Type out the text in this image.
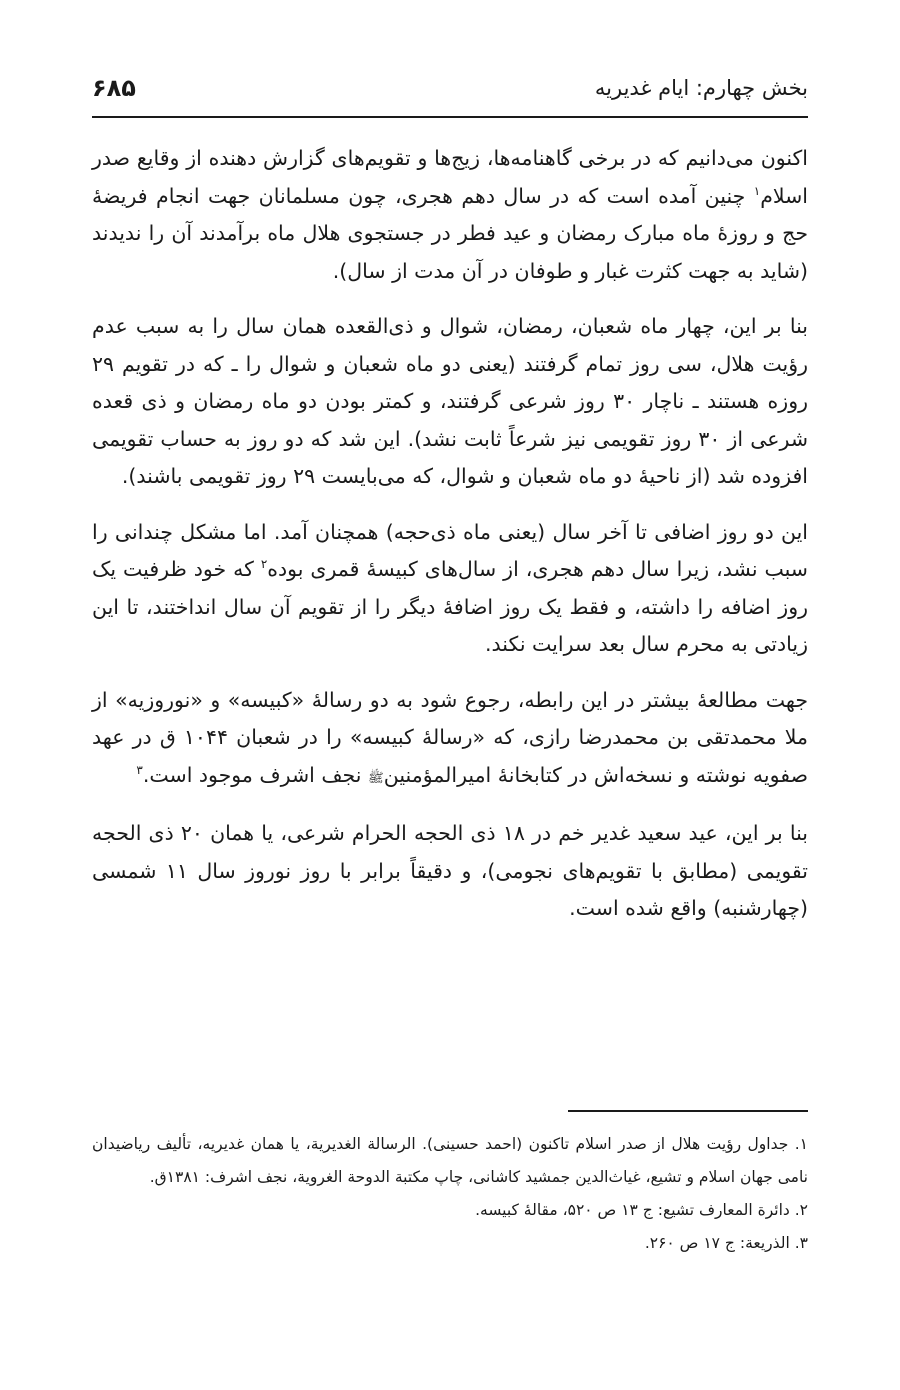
بخش چهارم: ایام غدیریه
۶۸۵
اکنون می‌دانیم که در برخی گاهنامه‌ها، زیج‌ها و تقویم‌های گزارش دهنده از وقایع صدر اسلام$^۱$ چنین آمده است که در سال دهم هجری، چون مسلمانان جهت انجام فریضهٔ حج و روزهٔ ماه مبارک رمضان و عید فطر در جستجوی هلال ماه برآمدند آن را ندیدند (شاید به جهت کثرت غبار و طوفان در آن مدت از سال).
بنا بر این، چهار ماه شعبان، رمضان، شوال و ذی‌القعده همان سال را به سبب عدم رؤیت هلال، سی روز تمام گرفتند (یعنی دو ماه شعبان و شوال را ـ که در تقویم ۲۹ روزه هستند ـ ناچار ۳۰ روز شرعی گرفتند، و کمتر بودن دو ماه رمضان و ذی قعده شرعی از ۳۰ روز تقویمی نیز شرعاً ثابت نشد). این شد که دو روز به حساب تقویمی افزوده شد (از ناحیهٔ دو ماه شعبان و شوال، که می‌بایست ۲۹ روز تقویمی باشند).
این دو روز اضافی تا آخر سال (یعنی ماه ذی‌حجه) همچنان آمد. اما مشکل چندانی را سبب نشد، زیرا سال دهم هجری، از سال‌های کبیسهٔ قمری بوده$^۲$ که خود ظرفیت یک روز اضافه را داشته، و فقط یک روز اضافهٔ دیگر را از تقویم آن سال انداختند، تا این زیادتی به محرم سال بعد سرایت نکند.
جهت مطالعهٔ بیشتر در این رابطه، رجوع شود به دو رسالهٔ «کبیسه» و «نوروزیه» از ملا محمدتقی بن محمدرضا رازی، که «رسالهٔ کبیسه» را در شعبان ۱۰۴۴ ق در عهد صفویه نوشته و نسخه‌اش در کتابخانهٔ امیرالمؤمنینﷺ نجف اشرف موجود است.$^۳$
بنا بر این، عید سعید غدیر خم در ۱۸ ذی الحجه الحرام شرعی، یا همان ۲۰ ذی الحجه تقویمی (مطابق با تقویم‌های نجومی)، و دقیقاً برابر با روز نوروز سال ۱۱ شمسی (چهارشنبه) واقع شده است.

۱. جداول رؤیت هلال از صدر اسلام تاکنون (احمد حسینی). الرسالة الغديرية، يا همان غدیریه، تألیف ریاضیدان نامی جهان اسلام و تشیع، غیاث‌الدین جمشید کاشانی، چاپ مکتبة الدوحة الغروية، نجف اشرف: ۱۳۸۱ق.

۲. دائرة المعارف تشیع: ج ۱۳ ص ۵۲۰، مقالهٔ کبیسه.

۳. الذريعة: ج ۱۷ ص ۲۶۰.
